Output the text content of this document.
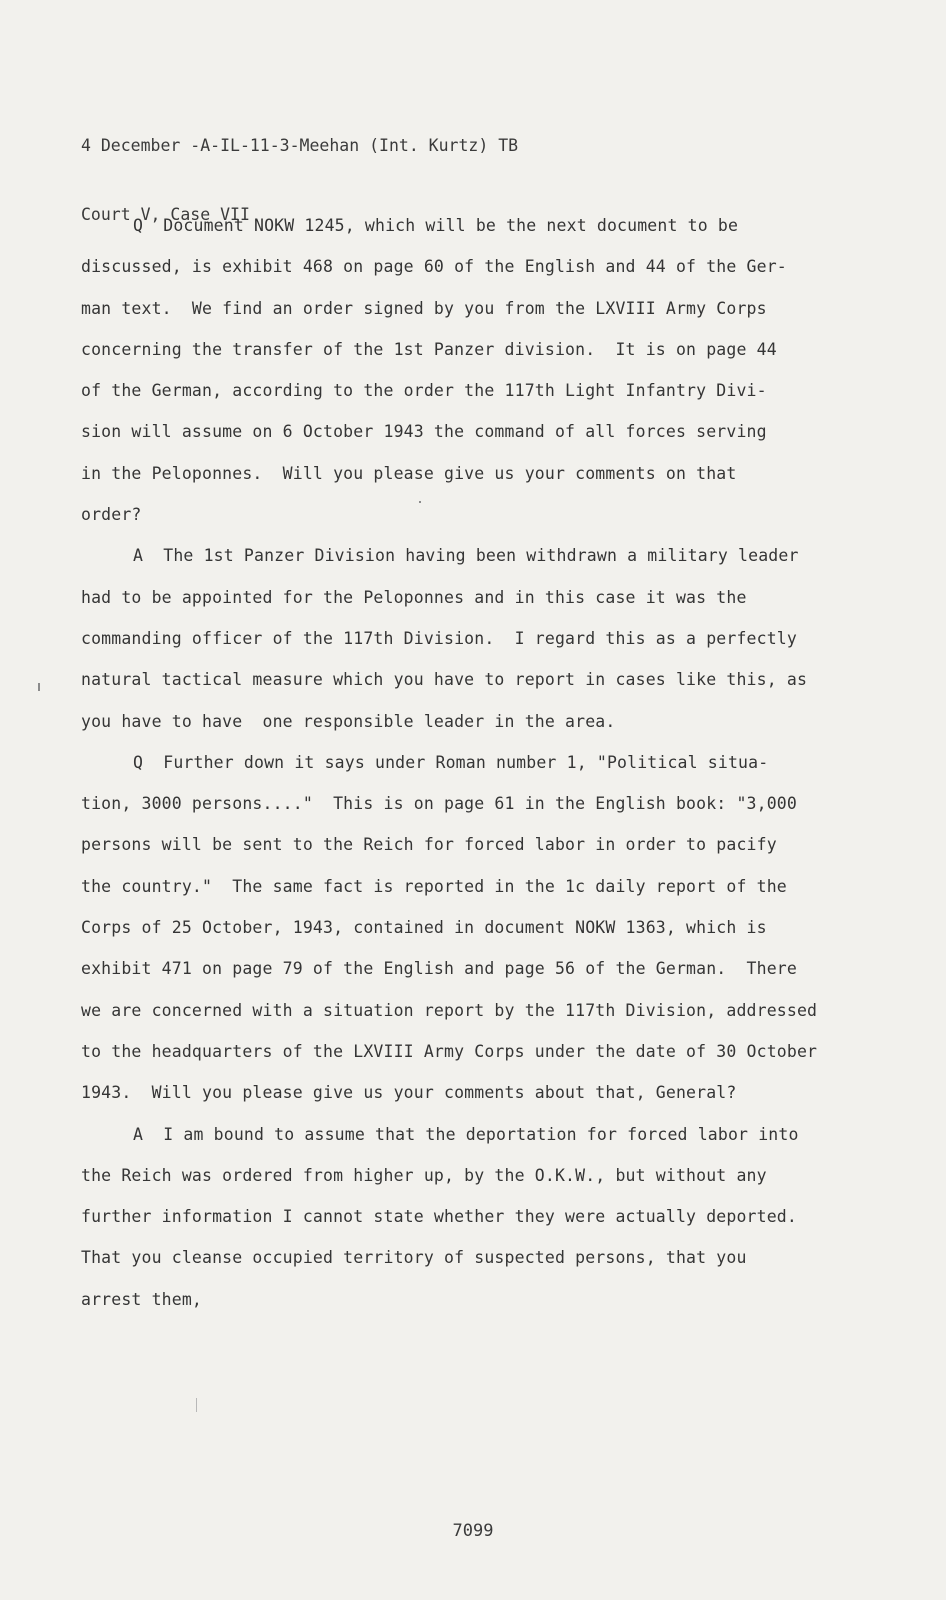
4 December -A-IL-11-3-Meehan (Int. Kurtz) TB

Court V, Case VII

Q  Document NOKW 1245, which will be the next document to be
discussed, is exhibit 468 on page 60 of the English and 44 of the Ger-
man text.  We find an order signed by you from the LXVIII Army Corps
concerning the transfer of the 1st Panzer division.  It is on page 44
of the German, according to the order the 117th Light Infantry Divi-
sion will assume on 6 October 1943 the command of all forces serving
in the Peloponnes.  Will you please give us your comments on that
order?
A  The 1st Panzer Division having been withdrawn a military leader
had to be appointed for the Peloponnes and in this case it was the
commanding officer of the 117th Division.  I regard this as a perfectly
natural tactical measure which you have to report in cases like this, as
you have to have  one responsible leader in the area.
Q  Further down it says under Roman number 1, "Political situa-
tion, 3000 persons...."  This is on page 61 in the English book: "3,000
persons will be sent to the Reich for forced labor in order to pacify
the country."  The same fact is reported in the 1c daily report of the
Corps of 25 October, 1943, contained in document NOKW 1363, which is
exhibit 471 on page 79 of the English and page 56 of the German.  There
we are concerned with a situation report by the 117th Division, addressed
to the headquarters of the LXVIII Army Corps under the date of 30 October
1943.  Will you please give us your comments about that, General?
A  I am bound to assume that the deportation for forced labor into
the Reich was ordered from higher up, by the O.K.W., but without any
further information I cannot state whether they were actually deported.
That you cleanse occupied territory of suspected persons, that you
arrest them,
7099
